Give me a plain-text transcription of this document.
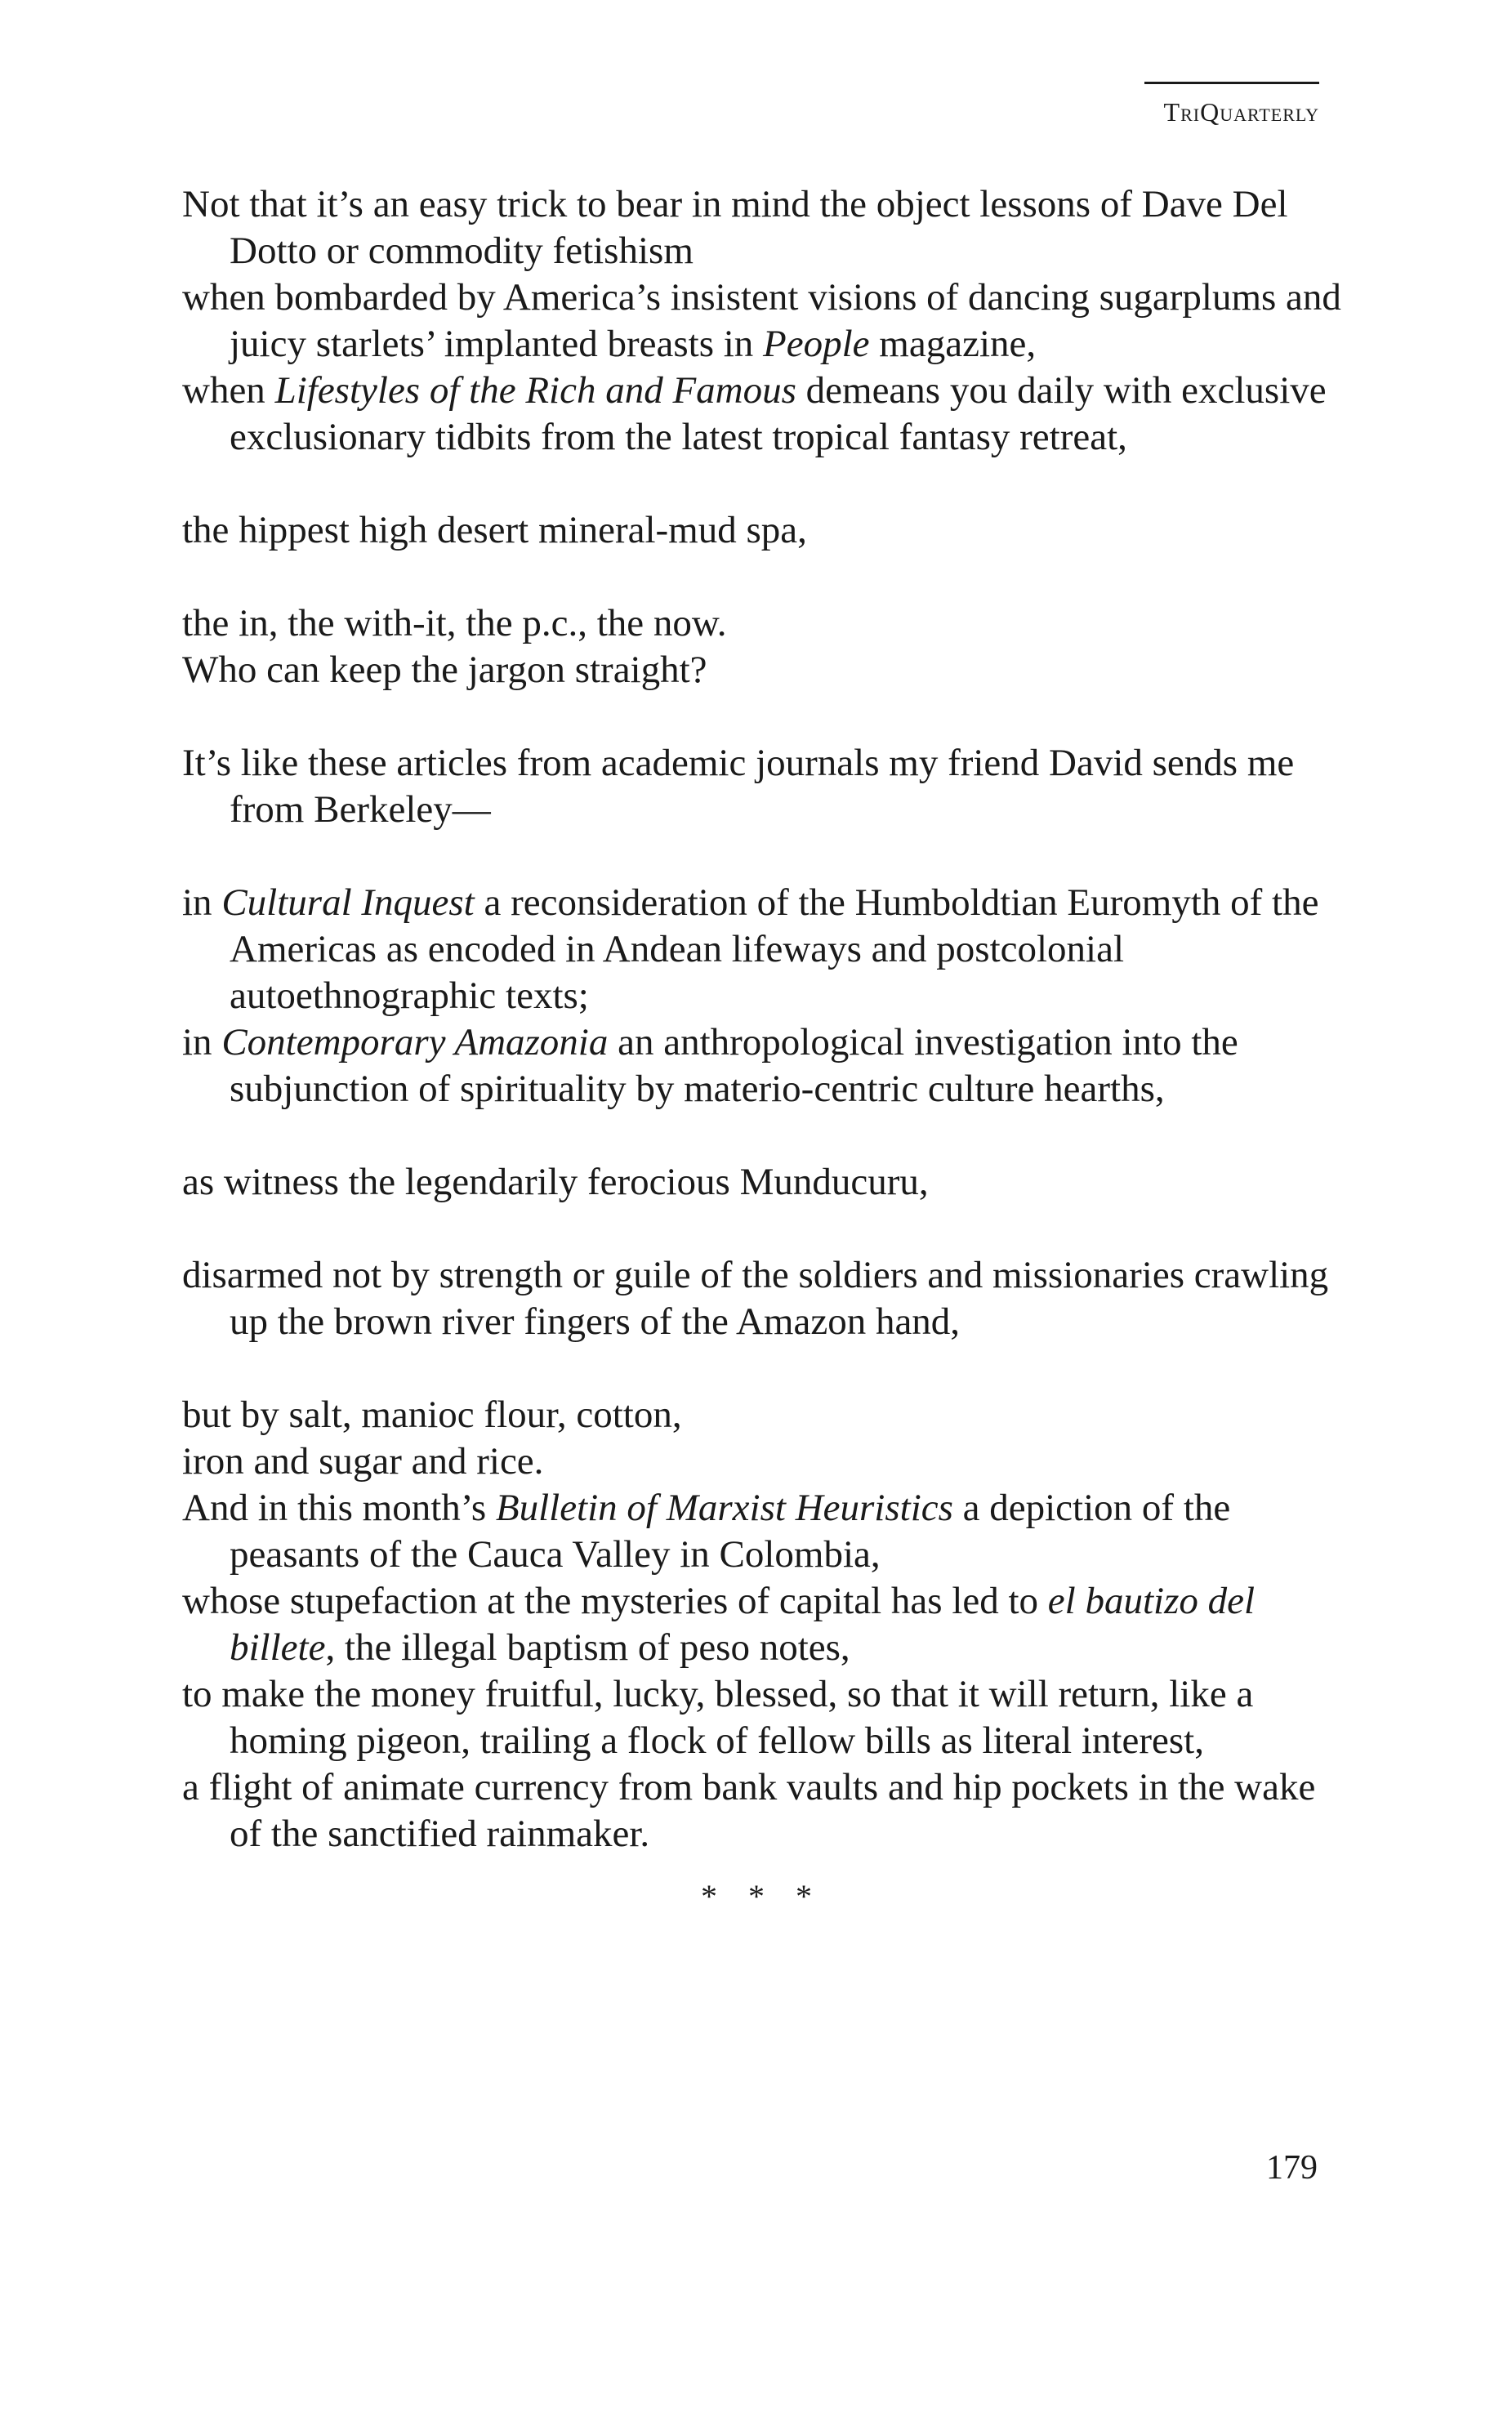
TriQuarterly
Not that it’s an easy trick to bear in mind the object lessons of Dave Del Dotto or commodity fetishism
when bombarded by America’s insistent visions of dancing sugarplums and juicy starlets’ implanted breasts in People magazine,
when Lifestyles of the Rich and Famous demeans you daily with exclusive exclusionary tidbits from the latest tropical fantasy retreat,
the hippest high desert mineral-mud spa,
the in, the with-it, the p.c., the now.
Who can keep the jargon straight?
It’s like these articles from academic journals my friend David sends me from Berkeley—
in Cultural Inquest a reconsideration of the Humboldtian Euromyth of the Americas as encoded in Andean lifeways and postcolonial autoethnographic texts;
in Contemporary Amazonia an anthropological investigation into the subjunction of spirituality by materio-centric culture hearths,
as witness the legendarily ferocious Munducuru,
disarmed not by strength or guile of the soldiers and missionaries crawling up the brown river fingers of the Amazon hand,
but by salt, manioc flour, cotton,
iron and sugar and rice.
And in this month’s Bulletin of Marxist Heuristics a depiction of the peasants of the Cauca Valley in Colombia,
whose stupefaction at the mysteries of capital has led to el bautizo del billete, the illegal baptism of peso notes,
to make the money fruitful, lucky, blessed, so that it will return, like a homing pigeon, trailing a flock of fellow bills as literal interest,
a flight of animate currency from bank vaults and hip pockets in the wake of the sanctified rainmaker.
* * *
179
